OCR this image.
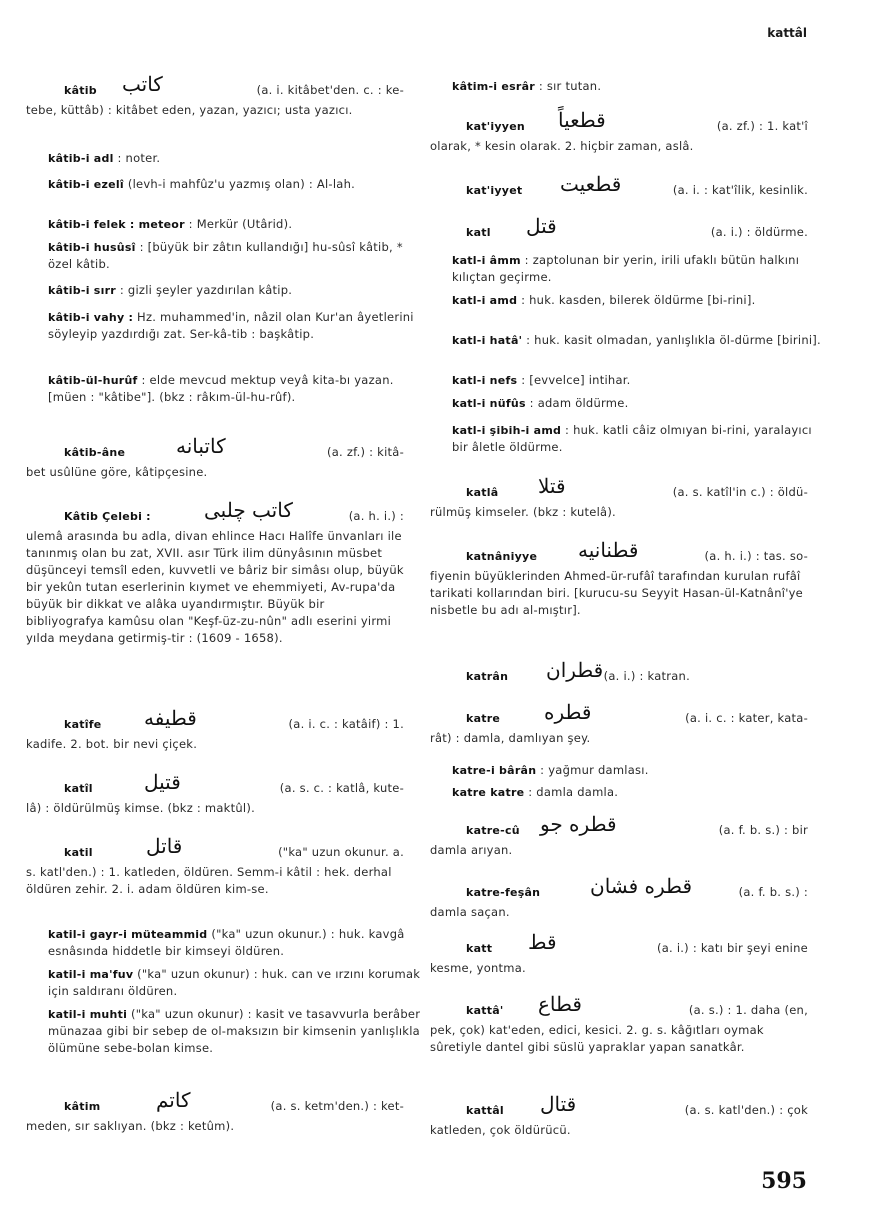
kattâl
kâtib كاتب	(a. i. kitâbet'den. c. : ke-
tebe, küttâb) : kitâbet eden, yazan, yazıcı; usta yazıcı.
kâtib-i adl : noter.
kâtib-i ezelî (levh-i mahfûz'u yazmış olan) : Al-lah.
kâtib-i felek : meteor : Merkür (Utârid).
kâtib-i husûsî : [büyük bir zâtın kullandığı] hu-sûsî kâtib, * özel kâtib.
kâtib-i sırr : gizli şeyler yazdırılan kâtip.
kâtib-i vahy : Hz. muhammed'in, nâzil olan Kur'an âyetlerini söyleyip yazdırdığı zat. Ser-kâ-tib : başkâtip.
kâtib-ül-hurûf : elde mevcud mektup veyâ kita-bı yazan. [müen : "kâtibe"]. (bkz : râkım-ül-hu-rûf).
kâtib-âne	كاتبانه	(a. zf.) : kitâ-
bet usûlüne göre, kâtipçesine.
Kâtib Çelebi :	كاتب چلبى	(a. h. i.) :
ulemâ arasında bu adla, divan ehlince Hacı Halîfe ünvanları ile tanınmış olan bu zat, XVII. asır Türk ilim dünyâsının müsbet düşünceyi temsîl eden, kuvvetli ve bâriz bir simâsı olup, büyük bir yekûn tutan eserlerinin kıymet ve ehemmiyeti, Av-rupa'da büyük bir dikkat ve alâka uyandırmıştır. Büyük bir bibliyografya kamûsu olan "Keşf-üz-zu-nûn" adlı eserini yirmi yılda meydana getirmiş-tir : (1609 - 1658).
katîfe قطيفه	(a. i. c. : katâif) : 1.
kadife. 2. bot. bir nevi çiçek.
katîl	قتيل	(a. s. c. : katlâ, kute-
lâ) : öldürülmüş kimse. (bkz : maktûl).
katil	قاتل	("ka" uzun okunur. a.
s. katl'den.) : 1. katleden, öldüren. Semm-i kâtil : hek. derhal öldüren zehir. 2. i. adam öldüren kim-se.
katil-i gayr-i müteammid ("ka" uzun okunur.) : huk. kavgâ esnâsında hiddetle bir kimseyi öldüren.
katil-i ma'fuv ("ka" uzun okunur) : huk. can ve ırzını korumak için saldıranı öldüren.
katil-i muhti ("ka" uzun okunur) : kasit ve tasavvurla berâber münazaa gibi bir sebep de ol-maksızın bir kimsenin yanlışlıkla ölümüne sebe-bolan kimse.
kâtim	كاتم	(a. s. ketm'den.) : ket-
meden, sır saklıyan. (bkz : ketûm).
kâtim-i esrâr : sır tutan.
kat'iyyen قطعياً	(a. zf.) : 1. kat'î
olarak, * kesin olarak. 2. hiçbir zaman, aslâ.
kat'iyyet قطعيت	(a. i. : kat'îlik, kesinlik.
katl قتل	(a. i.) : öldürme.
katl-i âmm : zaptolunan bir yerin, irili ufaklı bütün halkını kılıçtan geçirme.
katl-i amd : huk. kasden, bilerek öldürme [bi-rini].
katl-i hatâ' : huk. kasit olmadan, yanlışlıkla öl-dürme [birini].
katl-i nefs : [evvelce] intihar.
katl-i nüfûs : adam öldürme.
katl-i şibih-i amd : huk. katli câiz olmıyan bi-rini, yaralayıcı bir âletle öldürme.
katlâ قتلا	(a. s. katîl'in c.) : öldü-
rülmüş kimseler. (bkz : kutelâ).
katnâniyye قطنانيه	(a. h. i.) : tas. so-
fiyenin büyüklerinden Ahmed-ür-rufâî tarafından kurulan rufâî tarikati kollarından biri. [kurucu-su Seyyit Hasan-ül-Katnânî'ye nisbetle bu adı al-mıştır].
katrân قطران (a. i.) : katran.
katre قطره	(a. i. c. : kater, kata-
rât) : damla, damlıyan şey.
katre-i bârân : yağmur damlası.
katre katre : damla damla.
katre-cû قطره جو	(a. f. b. s.) : bir
damla arıyan.
katre-feşân قطره فشان	(a. f. b. s.) :
damla saçan.
katt قط	(a. i.) : katı bir şeyi enine
kesme, yontma.
kattâ' قطاع	(a. s.) : 1. daha (en,
pek, çok) kat'eden, edici, kesici. 2. g. s. kâğıtları oymak sûretiyle dantel gibi süslü yapraklar yapan sanatkâr.
kattâl قتال	(a. s. katl'den.) : çok
katleden, çok öldürücü.
595
